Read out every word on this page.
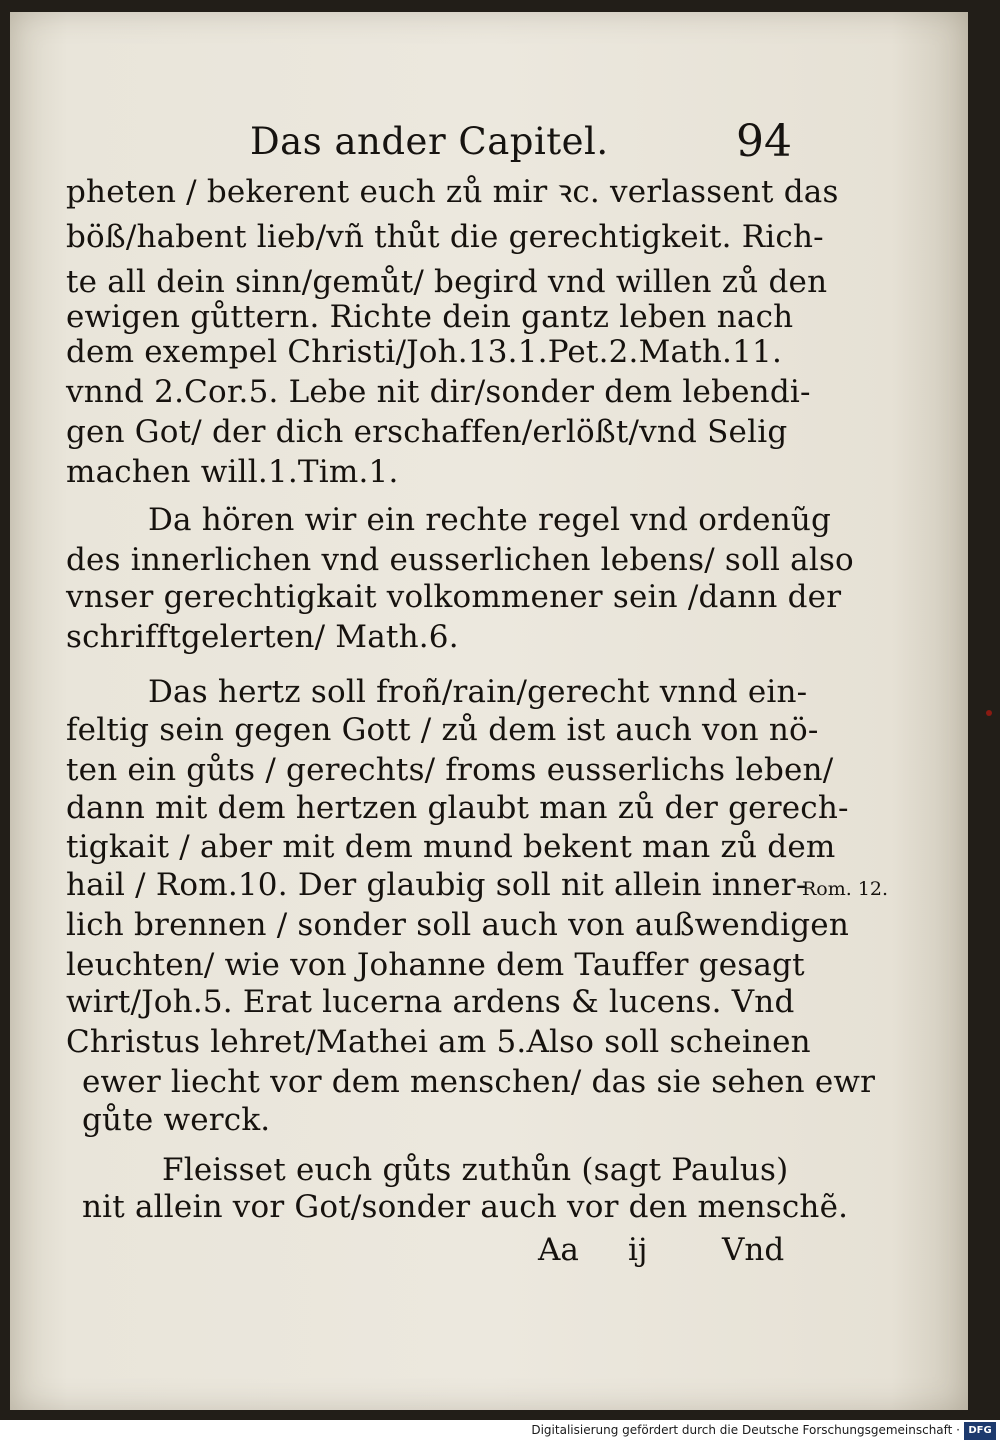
Das ander Capitel.	94
pheten / bekerent euch zů mir ꝛc. verlassent das
böß/habent lieb/vñ thůt die gerechtigkeit. Rich-
te all dein sinn/gemůt/ begird vnd willen zů den
ewigen gůttern. Richte dein gantz leben nach
dem exempel Christi/Joh.13.1.Pet.2.Math.11.
vnnd 2.Cor.5. Lebe nit dir/sonder dem lebendi-
gen Got/ der dich erschaffen/erlößt/vnd Selig
machen will.1.Tim.1.
Da hören wir ein rechte regel vnd ordenũg
des innerlichen vnd eusserlichen lebens/ soll also
vnser gerechtigkait volkommener sein /dann der
schrifftgelerten/ Math.6.
Das hertz soll froñ/rain/gerecht vnnd ein-
feltig sein gegen Gott / zů dem ist auch von nö-
ten ein gůts / gerechts/ froms eusserlichs leben/
dann mit dem hertzen glaubt man zů der gerech-
tigkait / aber mit dem mund bekent man zů dem
hail / Rom.10. Der glaubig soll nit allein inner-
lich brennen / sonder soll auch von außwendigen
leuchten/ wie von Johanne dem Tauffer gesagt
wirt/Joh.5. Erat lucerna ardens & lucens. Vnd
Christus lehret/Mathei am 5.Also soll scheinen
ewer liecht vor dem menschen/ das sie sehen ewr
gůte werck.
Fleisset euch gůts zuthůn (sagt Paulus)
nit allein vor Got/sonder auch vor den menschẽ.
Rom. 12.
Aa ij Vnd
Digitalisierung gefördert durch die Deutsche Forschungsgemeinschaft · DFG
